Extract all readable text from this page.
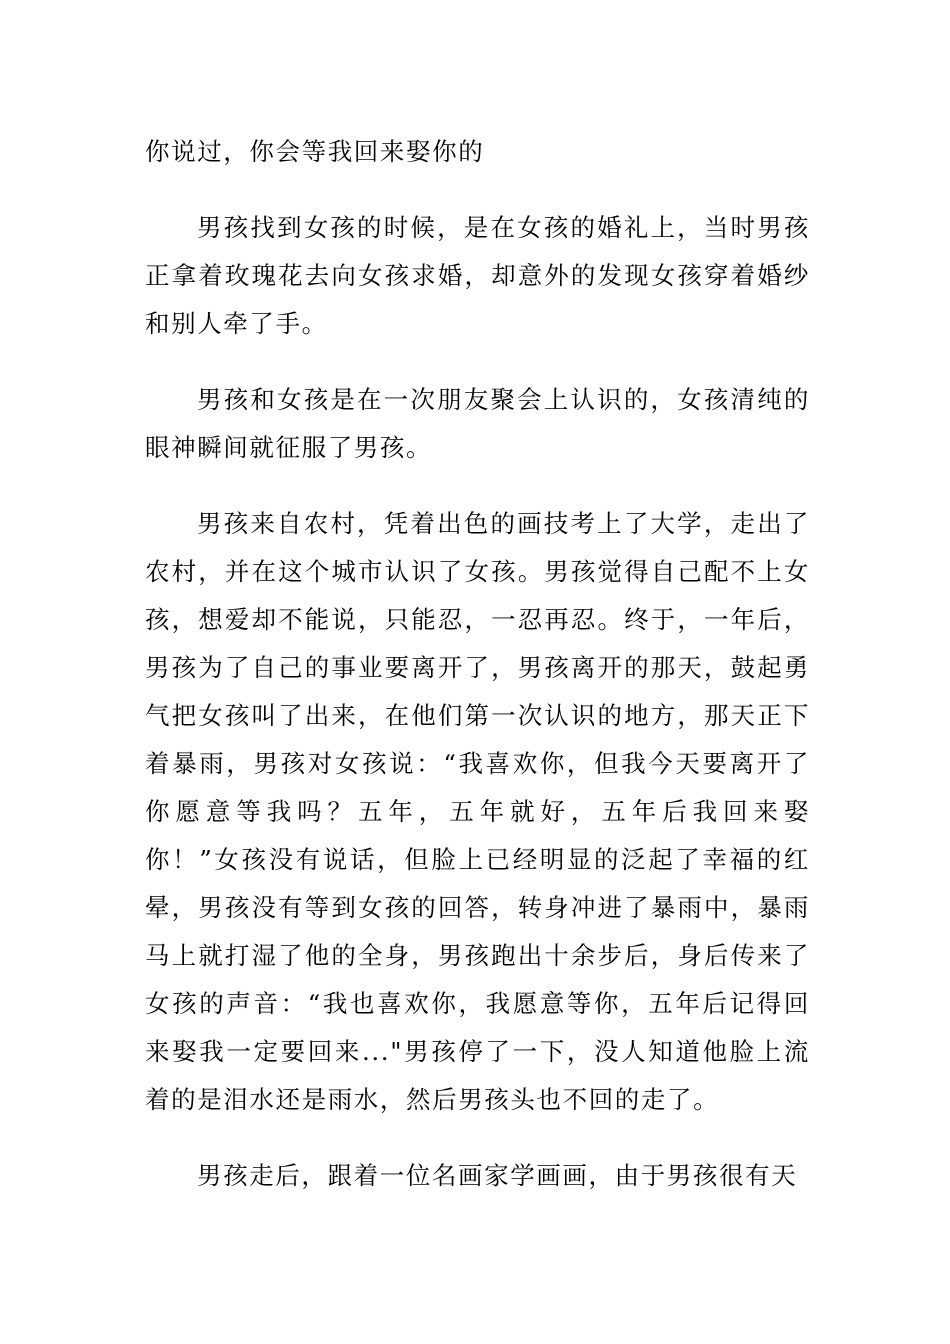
你说过，你会等我回来娶你的

男孩找到女孩的时候，是在女孩的婚礼上，当时男孩正拿着玫瑰花去向女孩求婚，却意外的发现女孩穿着婚纱和别人牵了手。

男孩和女孩是在一次朋友聚会上认识的，女孩清纯的眼神瞬间就征服了男孩。

男孩来自农村，凭着出色的画技考上了大学，走出了农村，并在这个城市认识了女孩。男孩觉得自己配不上女孩，想爱却不能说，只能忍，一忍再忍。终于，一年后，男孩为了自己的事业要离开了，男孩离开的那天，鼓起勇气把女孩叫了出来，在他们第一次认识的地方，那天正下着暴雨，男孩对女孩说：“我喜欢你，但我今天要离开了你愿意等我吗？五年，五年就好，五年后我回来娶你！”女孩没有说话，但脸上已经明显的泛起了幸福的红晕，男孩没有等到女孩的回答，转身冲进了暴雨中，暴雨马上就打湿了他的全身，男孩跑出十余步后，身后传来了女孩的声音：“我也喜欢你，我愿意等你，五年后记得回来娶我一定要回来..."男孩停了一下，没人知道他脸上流着的是泪水还是雨水，然后男孩头也不回的走了。

男孩走后，跟着一位名画家学画画，由于男孩很有天
